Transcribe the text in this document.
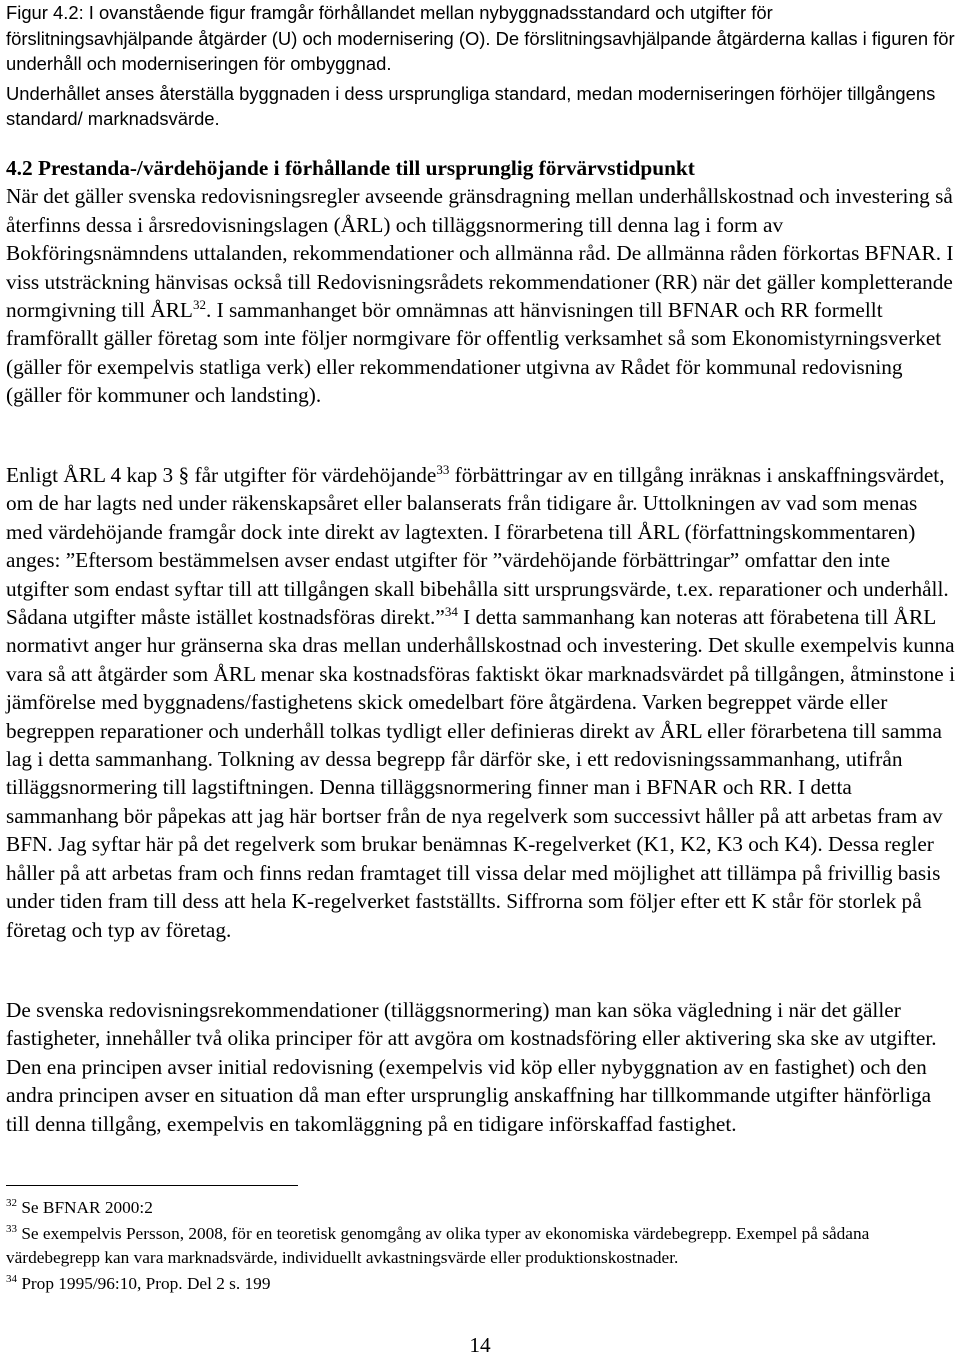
Figur 4.2: I ovanstående figur framgår förhållandet mellan nybyggnadsstandard och utgifter för förslitningsavhjälpande åtgärder (U) och modernisering (O). De förslitningsavhjälpande åtgärderna kallas i figuren för underhåll och moderniseringen för ombyggnad.

Underhållet anses återställa byggnaden i dess ursprungliga standard, medan moderniseringen förhöjer tillgångens standard/ marknadsvärde.

4.2 Prestanda-/värdehöjande i förhållande till ursprunglig förvärvstidpunkt

När det gäller svenska redovisningsregler avseende gränsdragning mellan underhållskostnad och investering så återfinns dessa i årsredovisningslagen (ÅRL) och tilläggsnormering till denna lag i form av Bokföringsnämndens uttalanden, rekommendationer och allmänna råd. De allmänna råden förkortas BFNAR. I viss utsträckning hänvisas också till Redovisningsrådets rekommendationer (RR) när det gäller kompletterande normgivning till ÅRL$^{32}$. I sammanhanget bör omnämnas att hänvisningen till BFNAR och RR formellt framförallt gäller företag som inte följer normgivare för offentlig verksamhet så som Ekonomistyrningsverket (gäller för exempelvis statliga verk) eller rekommendationer utgivna av Rådet för kommunal redovisning (gäller för kommuner och landsting).

Enligt ÅRL 4 kap 3 § får utgifter för värdehöjande$^{33}$ förbättringar av en tillgång inräknas i anskaffningsvärdet, om de har lagts ned under räkenskapsåret eller balanserats från tidigare år. Uttolkningen av vad som menas med värdehöjande framgår dock inte direkt av lagtexten. I förarbetena till ÅRL (författningskommentaren) anges: ”Eftersom bestämmelsen avser endast utgifter för ”värdehöjande förbättringar” omfattar den inte utgifter som endast syftar till att tillgången skall bibehålla sitt ursprungsvärde, t.ex. reparationer och underhåll. Sådana utgifter måste istället kostnadsföras direkt.”$^{34}$ I detta sammanhang kan noteras att förabetena till ÅRL normativt anger hur gränserna ska dras mellan underhållskostnad och investering. Det skulle exempelvis kunna vara så att åtgärder som ÅRL menar ska kostnadsföras faktiskt ökar marknadsvärdet på tillgången, åtminstone i jämförelse med byggnadens/fastighetens skick omedelbart före åtgärdena. Varken begreppet värde eller begreppen reparationer och underhåll tolkas tydligt eller definieras direkt av ÅRL eller förarbetena till samma lag i detta sammanhang. Tolkning av dessa begrepp får därför ske, i ett redovisningssammanhang, utifrån tilläggsnormering till lagstiftningen. Denna tilläggsnormering finner man i BFNAR och RR. I detta sammanhang bör påpekas att jag här bortser från de nya regelverk som successivt håller på att arbetas fram av BFN. Jag syftar här på det regelverk som brukar benämnas K-regelverket (K1, K2, K3 och K4). Dessa regler håller på att arbetas fram och finns redan framtaget till vissa delar med möjlighet att tillämpa på frivillig basis under tiden fram till dess att hela K-regelverket fastställts. Siffrorna som följer efter ett K står för storlek på företag och typ av företag.

De svenska redovisningsrekommendationer (tilläggsnormering) man kan söka vägledning i när det gäller fastigheter, innehåller två olika principer för att avgöra om kostnadsföring eller aktivering ska ske av utgifter. Den ena principen avser initial redovisning (exempelvis vid köp eller nybyggnation av en fastighet) och den andra principen avser en situation då man efter ursprunglig anskaffning har tillkommande utgifter hänförliga till denna tillgång, exempelvis en takomläggning på en tidigare införskaffad fastighet.

$^{32}$ Se BFNAR 2000:2

$^{33}$ Se exempelvis Persson, 2008, för en teoretisk genomgång av olika typer av ekonomiska värdebegrepp. Exempel på sådana värdebegrepp kan vara marknadsvärde, individuellt avkastningsvärde eller produktionskostnader.

$^{34}$ Prop 1995/96:10, Prop. Del 2 s. 199

14
